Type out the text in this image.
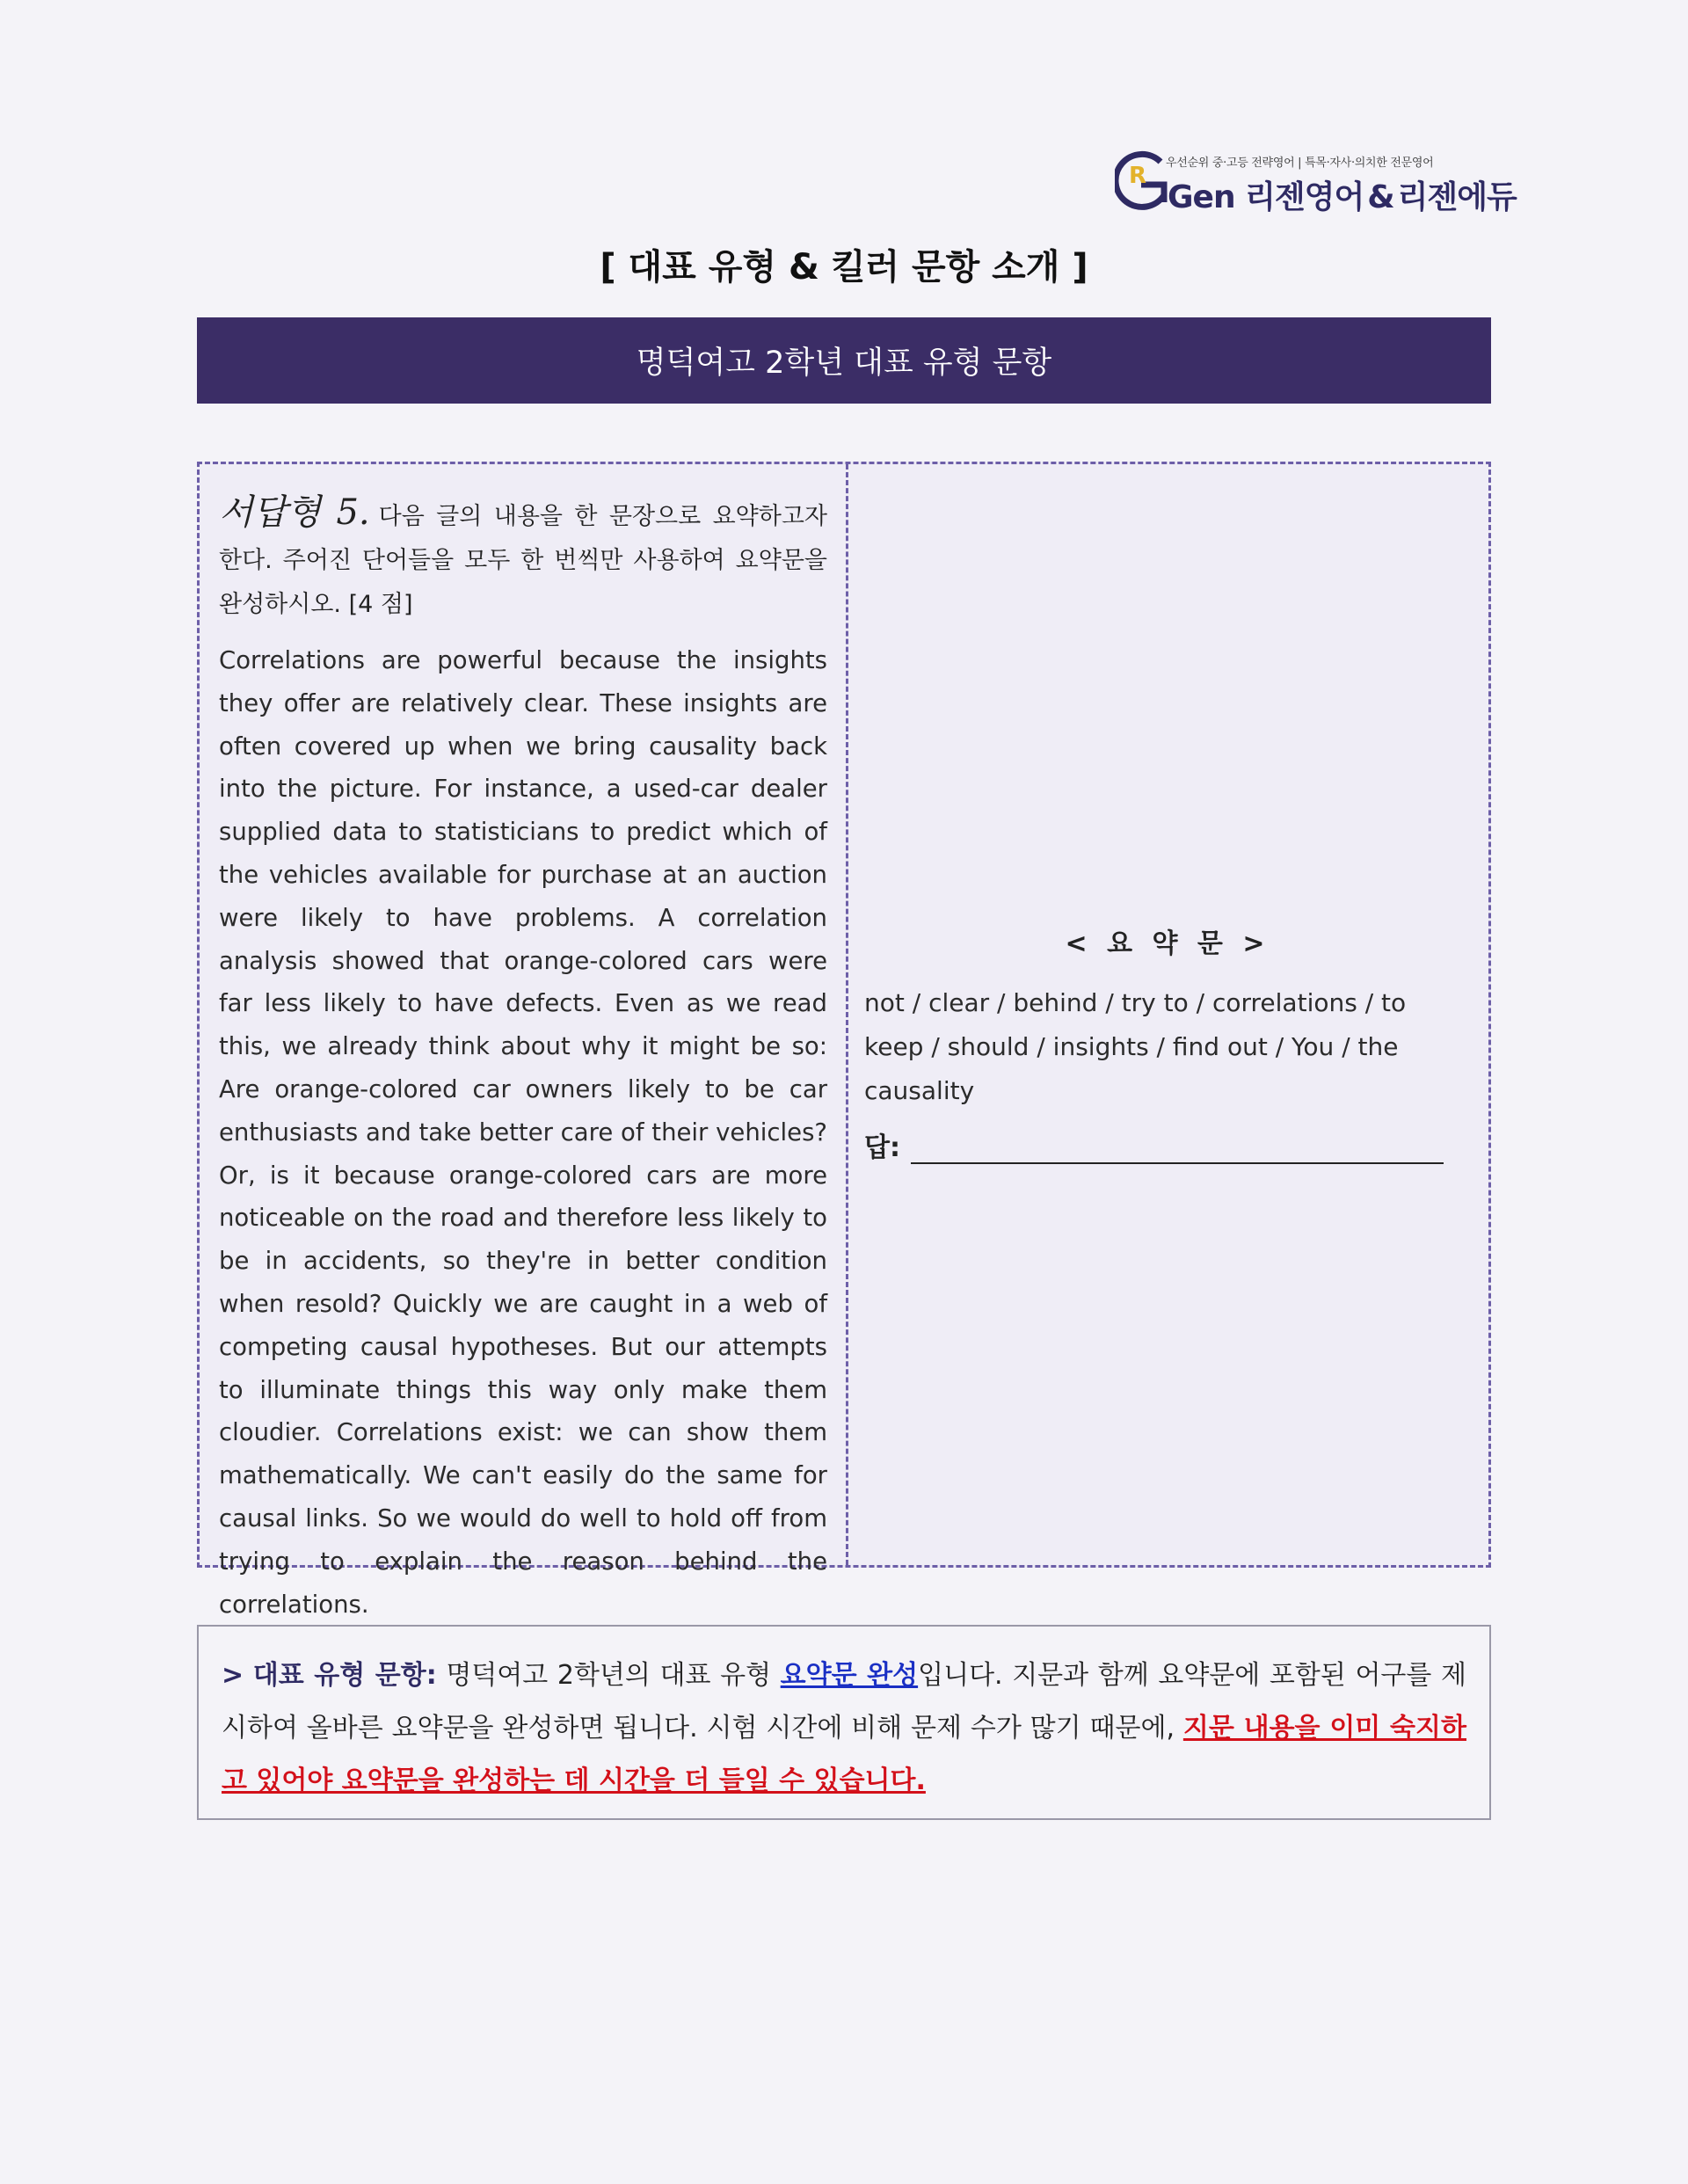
R 우선순위 중·고등 전략영어 | 특목·자사·의치한 전문영어
Gen 리젠영어 & 리젠에듀
[ 대표 유형 & 킬러 문항 소개 ]
명덕여고 2학년 대표 유형 문항
서답형 5. 다음 글의 내용을 한 문장으로 요약하고자 한다. 주어진 단어들을 모두 한 번씩만 사용하여 요약문을 완성하시오. [4 점]
Correlations are powerful because the insights they offer are relatively clear. These insights are often covered up when we bring causality back into the picture. For instance, a used-car dealer supplied data to statisticians to predict which of the vehicles available for purchase at an auction were likely to have problems. A correlation analysis showed that orange-colored cars were far less likely to have defects. Even as we read this, we already think about why it might be so: Are orange-colored car owners likely to be car enthusiasts and take better care of their vehicles? Or, is it because orange-colored cars are more noticeable on the road and therefore less likely to be in accidents, so they're in better condition when resold? Quickly we are caught in a web of competing causal hypotheses. But our attempts to illuminate things this way only make them cloudier. Correlations exist: we can show them mathematically. We can't easily do the same for causal links. So we would do well to hold off from trying to explain the reason behind the correlations.
< 요 약 문 >
not / clear / behind / try to / correlations / to keep / should / insights / find out / You / the causality
답:
> 대표 유형 문항: 명덕여고 2학년의 대표 유형 요약문 완성입니다. 지문과 함께 요약문에 포함된 어구를 제시하여 올바른 요약문을 완성하면 됩니다. 시험 시간에 비해 문제 수가 많기 때문에, 지문 내용을 이미 숙지하고 있어야 요약문을 완성하는 데 시간을 더 들일 수 있습니다.
